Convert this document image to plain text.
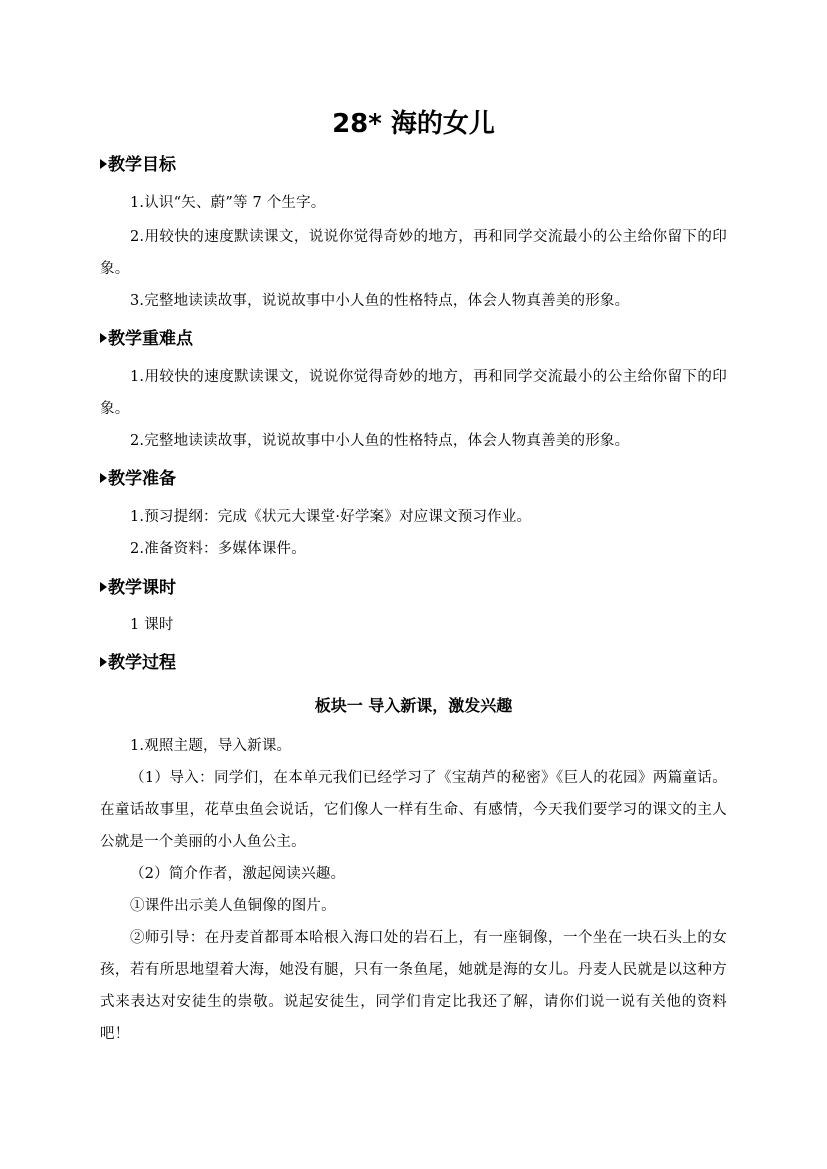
28* 海的女儿
教学目标

1.认识“矢、蔚”等 7 个生字。

2.用较快的速度默读课文，说说你觉得奇妙的地方，再和同学交流最小的公主给你留下的印象。

3.完整地读读故事，说说故事中小人鱼的性格特点，体会人物真善美的形象。

教学重难点

1.用较快的速度默读课文，说说你觉得奇妙的地方，再和同学交流最小的公主给你留下的印象。

2.完整地读读故事，说说故事中小人鱼的性格特点，体会人物真善美的形象。

教学准备

1.预习提纲：完成《状元大课堂·好学案》对应课文预习作业。

2.准备资料：多媒体课件。

教学课时

1 课时

教学过程
板块一 导入新课，激发兴趣

1.观照主题，导入新课。

（1）导入：同学们，在本单元我们已经学习了《宝葫芦的秘密》《巨人的花园》两篇童话。在童话故事里，花草虫鱼会说话，它们像人一样有生命、有感情，今天我们要学习的课文的主人公就是一个美丽的小人鱼公主。

（2）简介作者，激起阅读兴趣。

①课件出示美人鱼铜像的图片。

②师引导：在丹麦首都哥本哈根入海口处的岩石上，有一座铜像，一个坐在一块石头上的女孩，若有所思地望着大海，她没有腿，只有一条鱼尾，她就是海的女儿。丹麦人民就是以这种方式来表达对安徒生的崇敬。说起安徒生，同学们肯定比我还了解，请你们说一说有关他的资料吧！
